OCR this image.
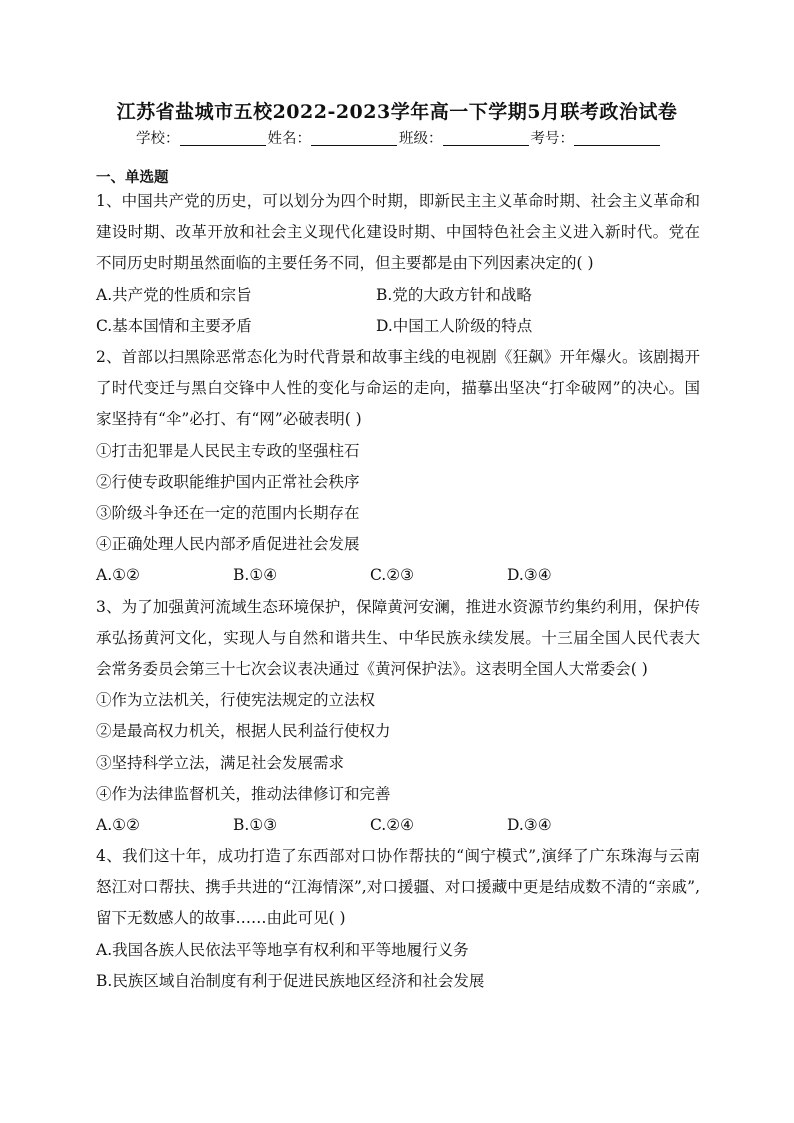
江苏省盐城市五校2022-2023学年高一下学期5月联考政治试卷
学校：	姓名：	班级：	考号：
一、单选题
1、中国共产党的历史，可以划分为四个时期，即新民主主义革命时期、社会主义革命和建设时期、改革开放和社会主义现代化建设时期、中国特色社会主义进入新时代。党在不同历史时期虽然面临的主要任务不同，但主要都是由下列因素决定的( )
A.共产党的性质和宗旨	B.党的大政方针和战略
C.基本国情和主要矛盾	D.中国工人阶级的特点
2、首部以扫黑除恶常态化为时代背景和故事主线的电视剧《狂飙》开年爆火。该剧揭开了时代变迁与黑白交锋中人性的变化与命运的走向，描摹出坚决“打伞破网”的决心。国家坚持有“伞”必打、有“网”必破表明( )
①打击犯罪是人民民主专政的坚强柱石
②行使专政职能维护国内正常社会秩序
③阶级斗争还在一定的范围内长期存在
④正确处理人民内部矛盾促进社会发展
A.①②	B.①④	C.②③	D.③④
3、为了加强黄河流域生态环境保护，保障黄河安澜，推进水资源节约集约利用，保护传承弘扬黄河文化，实现人与自然和谐共生、中华民族永续发展。十三届全国人民代表大会常务委员会第三十七次会议表决通过《黄河保护法》。这表明全国人大常委会( )
①作为立法机关，行使宪法规定的立法权
②是最高权力机关，根据人民利益行使权力
③坚持科学立法，满足社会发展需求
④作为法律监督机关，推动法律修订和完善
A.①②	B.①③	C.②④	D.③④
4、我们这十年，成功打造了东西部对口协作帮扶的“闽宁模式”,演绎了广东珠海与云南怒江对口帮扶、携手共进的“江海情深”,对口援疆、对口援藏中更是结成数不清的“亲戚”,留下无数感人的故事……由此可见( )
A.我国各族人民依法平等地享有权利和平等地履行义务
B.民族区域自治制度有利于促进民族地区经济和社会发展
